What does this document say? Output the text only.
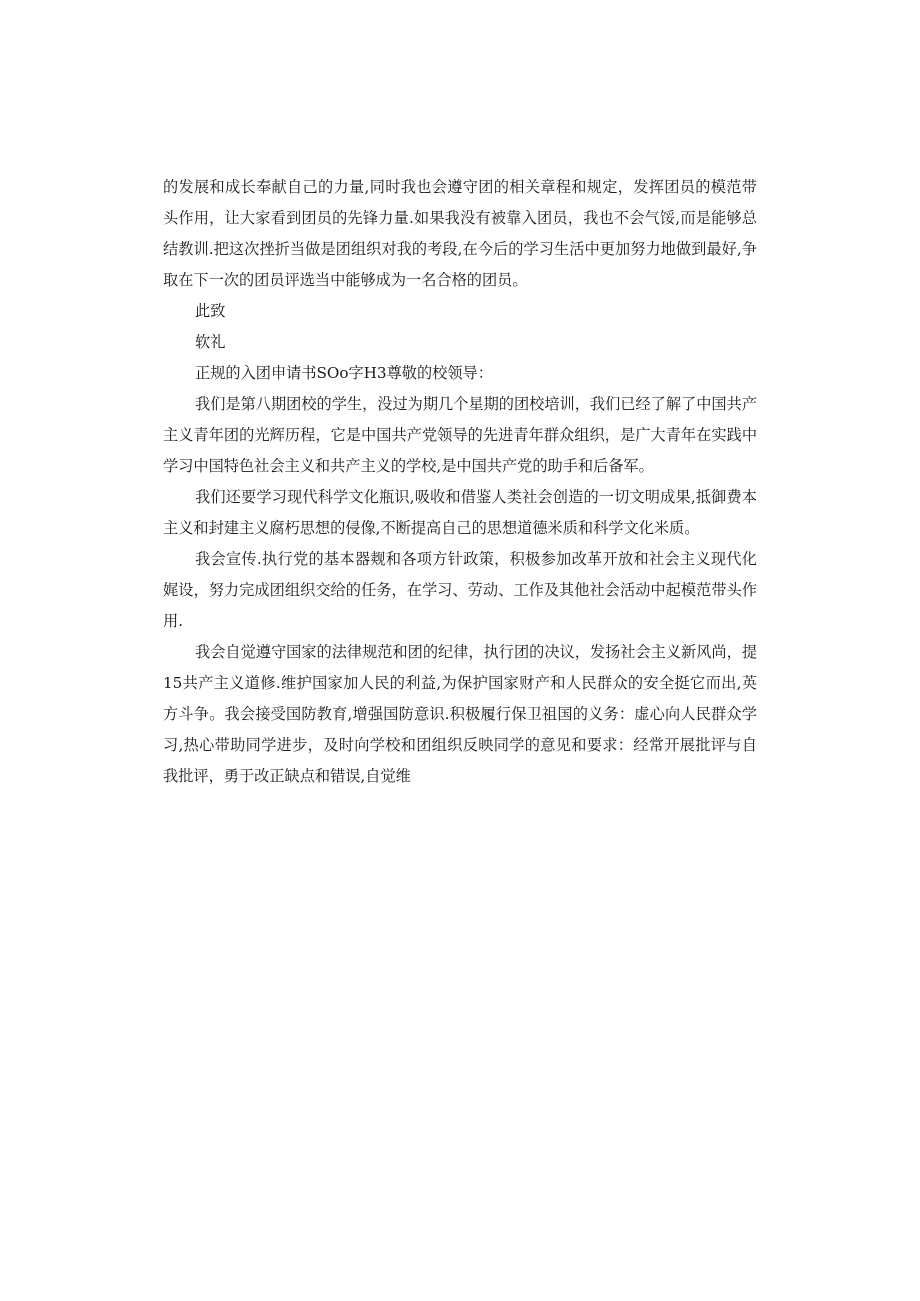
的发展和成长奉献自己的力量,同时我也会遵守团的相关章程和规定，发挥团员的模范带头作用，让大家看到团员的先锋力量.如果我没有被靠入团员，我也不会气馁,而是能够总结教训.把这次挫折当做是团组织对我的考段,在今后的学习生活中更加努力地做到最好,争取在下一次的团员评选当中能够成为一名合格的团员。

此致

软礼

正规的入团申请书SOo字H3尊敬的校领导：

我们是第八期团校的学生，没过为期几个星期的团校培训，我们已经了解了中国共产主义青年团的光辉历程，它是中国共产党领导的先进青年群众组织，是广大青年在实践中学习中国特色社会主义和共产主义的学校,是中国共产党的助手和后备军。

我们还要学习现代科学文化瓶识,吸收和借鉴人类社会创造的一切文明成果,抵御费本主义和封建主义腐朽思想的侵像,不断提高自己的思想道德米质和科学文化米质。

我会宣传.执行党的基本器觌和各项方针政策，积极参加改革开放和社会主义现代化娓设，努力完成团组织交给的任务，在学习、劳动、工作及其他社会活动中起模范带头作用.

我会自觉遵守国家的法律规范和团的纪律，执行团的决议，发扬社会主义新风尚，提15共产主义道修.维护国家加人民的利益,为保护国家财产和人民群众的安全挺它而出,英方斗争。我会接受国防教育,增强国防意识.积极履行保卫祖国的义务：虚心向人民群众学习,热心带助同学进步，及时向学校和团组织反映同学的意见和要求：经常开展批评与自我批评，勇于改正缺点和错误,自觉维
